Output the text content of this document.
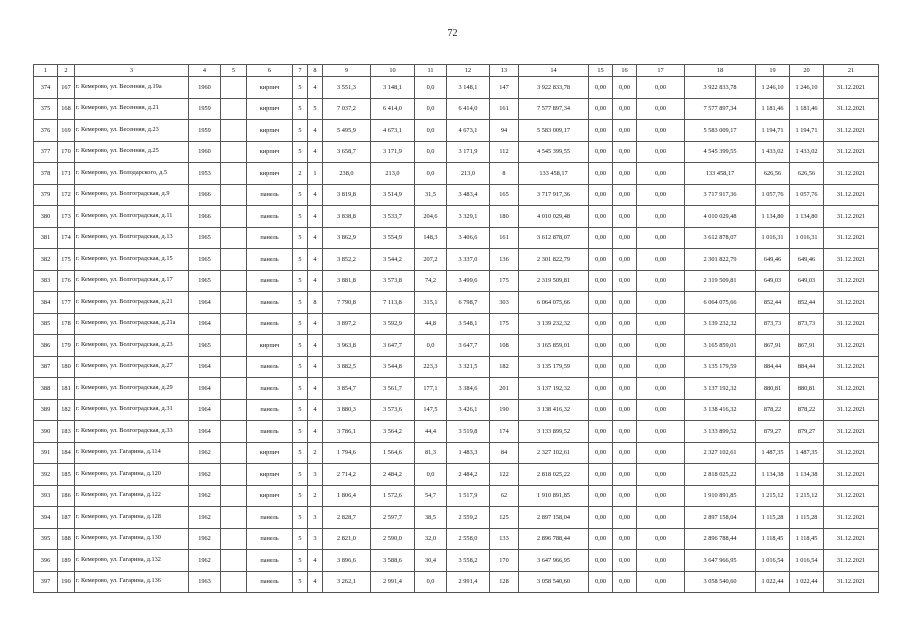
72
1	2	3	4	5	6	7	8	9	10	11	12	13	14	15	16	17	18	19	20	21
374	167	г. Кемерово, ул. Весенняя, д.19а	1960		кирпич	5	4	3 551,3	3 148,1	0,0	3 148,1	147	3 922 833,78	0,00	0,00	0,00	3 922 833,78	1 246,10	1 246,10	31.12.2021
375	168	г. Кемерово, ул. Весенняя, д.21	1959		кирпич	5	5	7 037,2	6 414,0	0,0	6 414,0	161	7 577 897,34	0,00	0,00	0,00	7 577 897,34	1 181,46	1 181,46	31.12.2021
376	169	г. Кемерово, ул. Весенняя, д.23	1959		кирпич	5	4	5 495,9	4 673,1	0,0	4 673,1	94	5 583 009,17	0,00	0,00	0,00	5 583 009,17	1 194,71	1 194,71	31.12.2021
377	170	г. Кемерово, ул. Весенняя, д.25	1960		кирпич	5	4	3 658,7	3 171,9	0,0	3 171,9	112	4 545 399,55	0,00	0,00	0,00	4 545 399,55	1 433,02	1 433,02	31.12.2021
378	171	г. Кемерово, ул. Володарского, д.5	1953		кирпич	2	1	238,0	213,0	0,0	213,0	8	133 458,17	0,00	0,00	0,00	133 458,17	626,56	626,56	31.12.2021
379	172	г. Кемерово, ул. Волгоградская, д.9	1966		панель	5	4	3 819,8	3 514,9	31,5	3 483,4	165	3 717 917,36	0,00	0,00	0,00	3 717 917,36	1 057,76	1 057,76	31.12.2021
380	173	г. Кемерово, ул. Волгоградская, д.11	1966		панель	5	4	3 838,8	3 533,7	204,6	3 329,1	180	4 010 029,48	0,00	0,00	0,00	4 010 029,48	1 134,80	1 134,80	31.12.2021
381	174	г. Кемерово, ул. Волгоградская, д.13	1965		панель	5	4	3 862,9	3 554,9	148,3	3 406,6	161	3 612 878,07	0,00	0,00	0,00	3 612 878,07	1 016,31	1 016,31	31.12.2021
382	175	г. Кемерово, ул. Волгоградская, д.15	1965		панель	5	4	3 852,2	3 544,2	207,2	3 337,0	136	2 301 822,79	0,00	0,00	0,00	2 301 822,79	649,46	649,46	31.12.2021
383	176	г. Кемерово, ул. Волгоградская, д.17	1965		панель	5	4	3 881,8	3 573,8	74,2	3 499,6	175	2 319 509,81	0,00	0,00	0,00	2 319 509,81	649,03	649,03	31.12.2021
384	177	г. Кемерово, ул. Волгоградская, д.21	1964		панель	5	8	7 790,8	7 113,8	315,1	6 798,7	303	6 064 075,66	0,00	0,00	0,00	6 064 075,66	852,44	852,44	31.12.2021
385	178	г. Кемерово, ул. Волгоградская, д.21а	1964		панель	5	4	3 897,2	3 592,9	44,8	3 548,1	175	3 139 232,32	0,00	0,00	0,00	3 139 232,32	873,73	873,73	31.12.2021
386	179	г. Кемерово, ул. Волгоградская, д.23	1965		кирпич	5	4	3 963,8	3 647,7	0,0	3 647,7	108	3 165 859,01	0,00	0,00	0,00	3 165 859,01	867,91	867,91	31.12.2021
387	180	г. Кемерово, ул. Волгоградская, д.27	1964		панель	5	4	3 882,5	3 544,8	223,3	3 321,5	182	3 135 179,59	0,00	0,00	0,00	3 135 179,59	884,44	884,44	31.12.2021
388	181	г. Кемерово, ул. Волгоградская, д.29	1964		панель	5	4	3 854,7	3 561,7	177,1	3 384,6	201	3 137 192,32	0,00	0,00	0,00	3 137 192,32	880,81	880,81	31.12.2021
389	182	г. Кемерово, ул. Волгоградская, д.31	1964		панель	5	4	3 880,3	3 573,6	147,5	3 426,1	190	3 138 416,32	0,00	0,00	0,00	3 138 416,32	878,22	878,22	31.12.2021
390	183	г. Кемерово, ул. Волгоградская, д.33	1964		панель	5	4	3 786,1	3 564,2	44,4	3 519,8	174	3 133 899,52	0,00	0,00	0,00	3 133 899,52	879,27	879,27	31.12.2021
391	184	г. Кемерово, ул. Гагарина, д.114	1962		кирпич	5	2	1 794,6	1 564,6	81,3	1 483,3	84	2 327 102,61	0,00	0,00	0,00	2 327 102,61	1 487,35	1 487,35	31.12.2021
392	185	г. Кемерово, ул. Гагарина, д.120	1962		кирпич	5	3	2 714,2	2 484,2	0,0	2 484,2	122	2 818 025,22	0,00	0,00	0,00	2 818 025,22	1 134,38	1 134,38	31.12.2021
393	186	г. Кемерово, ул. Гагарина, д.122	1962		кирпич	5	2	1 806,4	1 572,6	54,7	1 517,9	62	1 910 891,85	0,00	0,00	0,00	1 910 891,85	1 215,12	1 215,12	31.12.2021
394	187	г. Кемерово, ул. Гагарина, д.128	1962		панель	5	3	2 828,7	2 597,7	38,5	2 559,2	125	2 897 158,04	0,00	0,00	0,00	2 897 158,04	1 115,28	1 115,28	31.12.2021
395	188	г. Кемерово, ул. Гагарина, д.130	1962		панель	5	3	2 821,0	2 590,0	32,0	2 558,0	133	2 896 788,44	0,00	0,00	0,00	2 896 788,44	1 118,45	1 118,45	31.12.2021
396	189	г. Кемерово, ул. Гагарина, д.132	1962		панель	5	4	3 896,6	3 588,6	30,4	3 558,2	170	3 647 966,95	0,00	0,00	0,00	3 647 966,95	1 016,54	1 016,54	31.12.2021
397	190	г. Кемерово, ул. Гагарина, д.136	1963		панель	5	4	3 262,1	2 991,4	0,0	2 991,4	128	3 058 540,60	0,00	0,00	0,00	3 058 540,60	1 022,44	1 022,44	31.12.2021
